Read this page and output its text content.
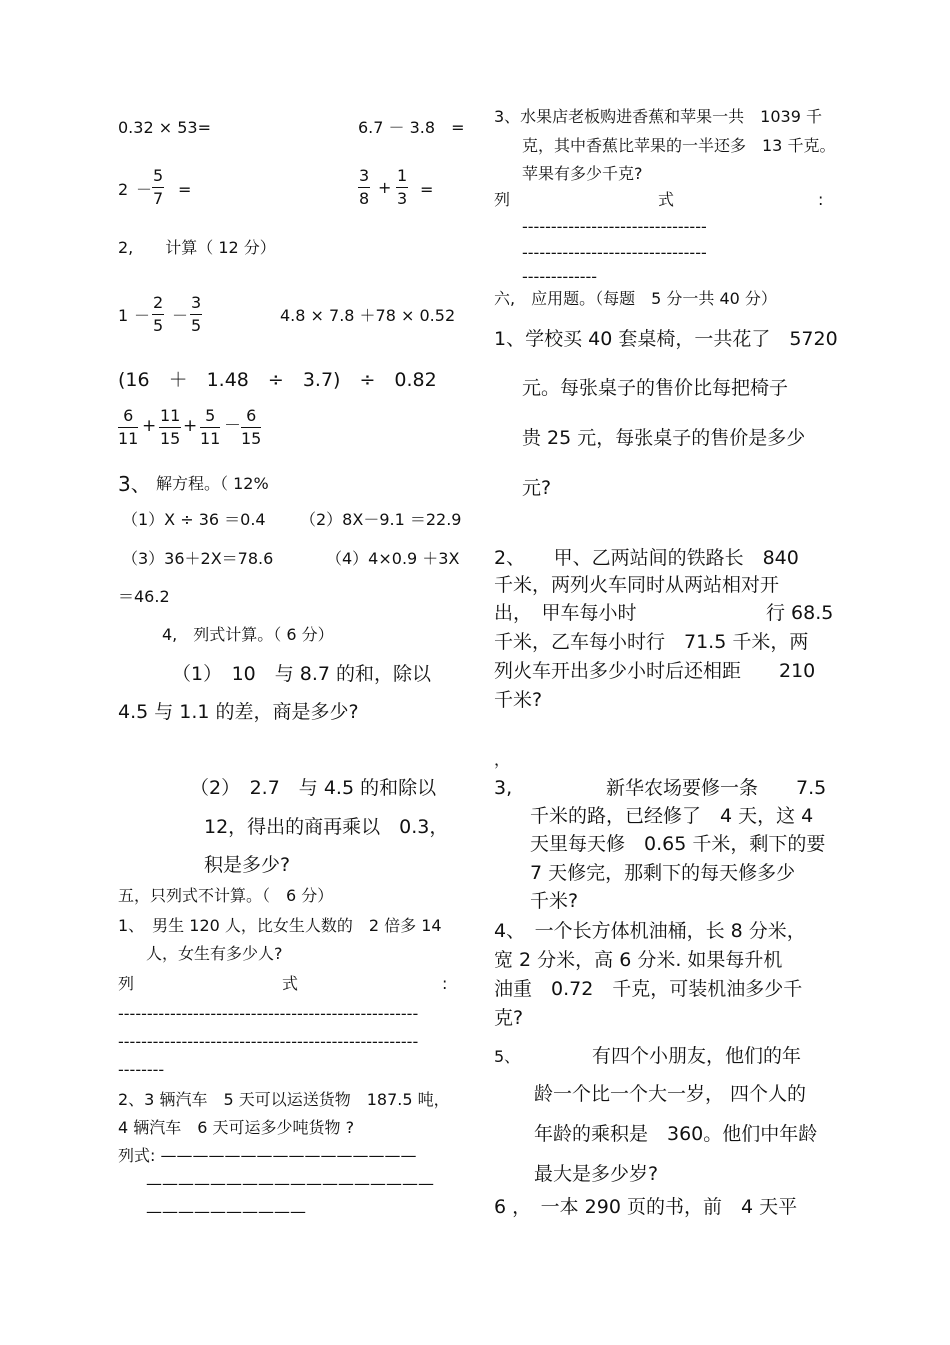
0.32 × 53=	6.7 － 3.8　=
$2 - \frac{5}{7}$ =	$\frac{3}{8} + \frac{1}{3}$ =
2,　　计算（ 12 分）
$1 - \frac{2}{5} - \frac{3}{5}$	4.8 × 7.8 ＋78 × 0.52
(16　＋　1.48　÷　3.7)　÷　0.82
$\frac{6}{11} + \frac{11}{15} + \frac{5}{11} - \frac{6}{15}$
3、 解方程。（ 12%
（1）X ÷ 36 ＝0.4 （2）8X－9.1 ＝22.9
（3）36＋2X＝78.6	（4）4×0.9 ＋3X
＝46.2
4,　列式计算。（ 6 分）
（1）　10　与 8.7 的和，除以
4.5 与 1.1 的差，商是多少?
（2）　2.7　与 4.5 的和除以
12，得出的商再乘以　0.3，
积是多少?
五，只列式不计算。（　6 分）
1、　男生 120 人，比女生人数的　2 倍多 14
人，女生有多少人?
列	式	:
----------------------------------------------------
----------------------------------------------------
--------
2、3 辆汽车　5 天可以运送货物　187.5 吨，
4 辆汽车　6 天可运多少吨货物 ?
列式: ————————————————
——————————————————
——————————
3、水果店老板购进香蕉和苹果一共　1039 千
克，其中香蕉比苹果的一半还多　13 千克。
苹果有多少千克?
列	式	:
--------------------------------
--------------------------------
-------------
六,　应用题。（每题　5 分一共 40 分）
1、学校买 40 套桌椅，一共花了　5720
元。每张桌子的售价比每把椅子
贵 25 元，每张桌子的售价是多少
元?
2、　　甲、乙两站间的铁路长　840
千米，两列火车同时从两站相对开
出，　甲车每小时	行 68.5
千米，乙车每小时行　71.5 千米，两
列火车开出多少小时后还相距　　210
千米?
，
3,	新华农场要修一条　　7.5
千米的路，已经修了　4 天，这 4
天里每天修　0.65 千米，剩下的要
7 天修完，那剩下的每天修多少
千米?
4、　一个长方体机油桶，长 8 分米，
宽 2 分米，高 6 分米. 如果每升机
油重　0.72　千克，可装机油多少千
克?
5、	有四个小朋友，他们的年
龄一个比一个大一岁， 四个人的
年龄的乘积是　360。他们中年龄
最大是多少岁?
6 ，　一本 290 页的书，前　4 天平
